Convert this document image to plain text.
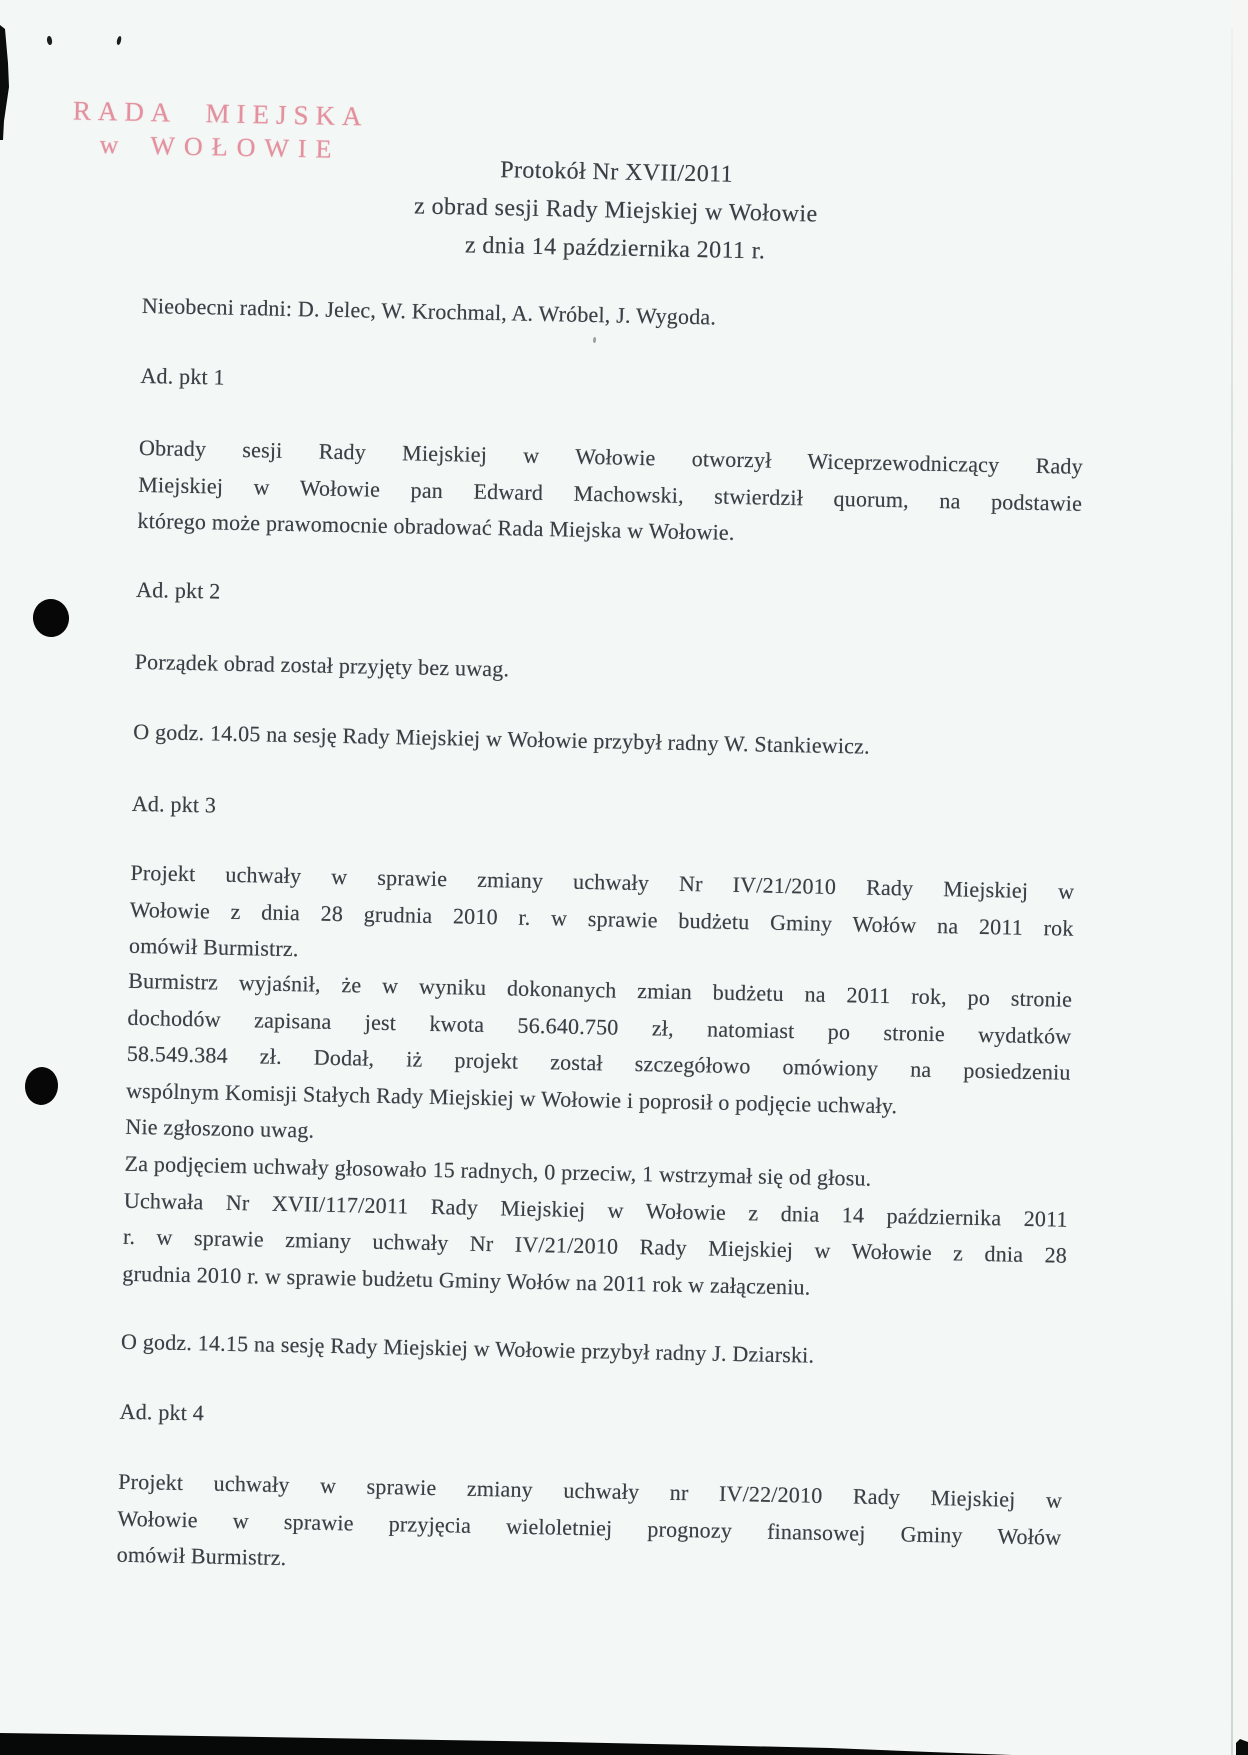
RADA MIEJSKA
w WOŁOWIE
Protokół Nr XVII/2011
z obrad sesji Rady Miejskiej w Wołowie
z dnia 14 października 2011 r.
Nieobecni radni: D. Jelec, W. Krochmal, A. Wróbel, J. Wygoda.
Ad. pkt 1
Obrady sesji Rady Miejskiej w Wołowie otworzył Wiceprzewodniczący Rady
Miejskiej w Wołowie pan Edward Machowski, stwierdził quorum, na podstawie
którego może prawomocnie obradować Rada Miejska w Wołowie.
Ad. pkt 2
Porządek obrad został przyjęty bez uwag.
O godz. 14.05 na sesję Rady Miejskiej w Wołowie przybył radny W. Stankiewicz.
Ad. pkt 3
Projekt uchwały w sprawie zmiany uchwały Nr IV/21/2010 Rady Miejskiej w
Wołowie z dnia 28 grudnia 2010 r. w sprawie budżetu Gminy Wołów na 2011 rok
omówił Burmistrz.
Burmistrz wyjaśnił, że w wyniku dokonanych zmian budżetu na 2011 rok, po stronie
dochodów zapisana jest kwota 56.640.750 zł, natomiast po stronie wydatków
58.549.384 zł. Dodał, iż projekt został szczegółowo omówiony na posiedzeniu
wspólnym Komisji Stałych Rady Miejskiej w Wołowie i poprosił o podjęcie uchwały.
Nie zgłoszono uwag.
Za podjęciem uchwały głosowało 15 radnych, 0 przeciw, 1 wstrzymał się od głosu.
Uchwała Nr XVII/117/2011 Rady Miejskiej w Wołowie z dnia 14 października 2011
r. w sprawie zmiany uchwały Nr IV/21/2010 Rady Miejskiej w Wołowie z dnia 28
grudnia 2010 r. w sprawie budżetu Gminy Wołów na 2011 rok w załączeniu.
O godz. 14.15 na sesję Rady Miejskiej w Wołowie przybył radny J. Dziarski.
Ad. pkt 4
Projekt uchwały w sprawie zmiany uchwały nr IV/22/2010 Rady Miejskiej w
Wołowie w sprawie przyjęcia wieloletniej prognozy finansowej Gminy Wołów
omówił Burmistrz.
